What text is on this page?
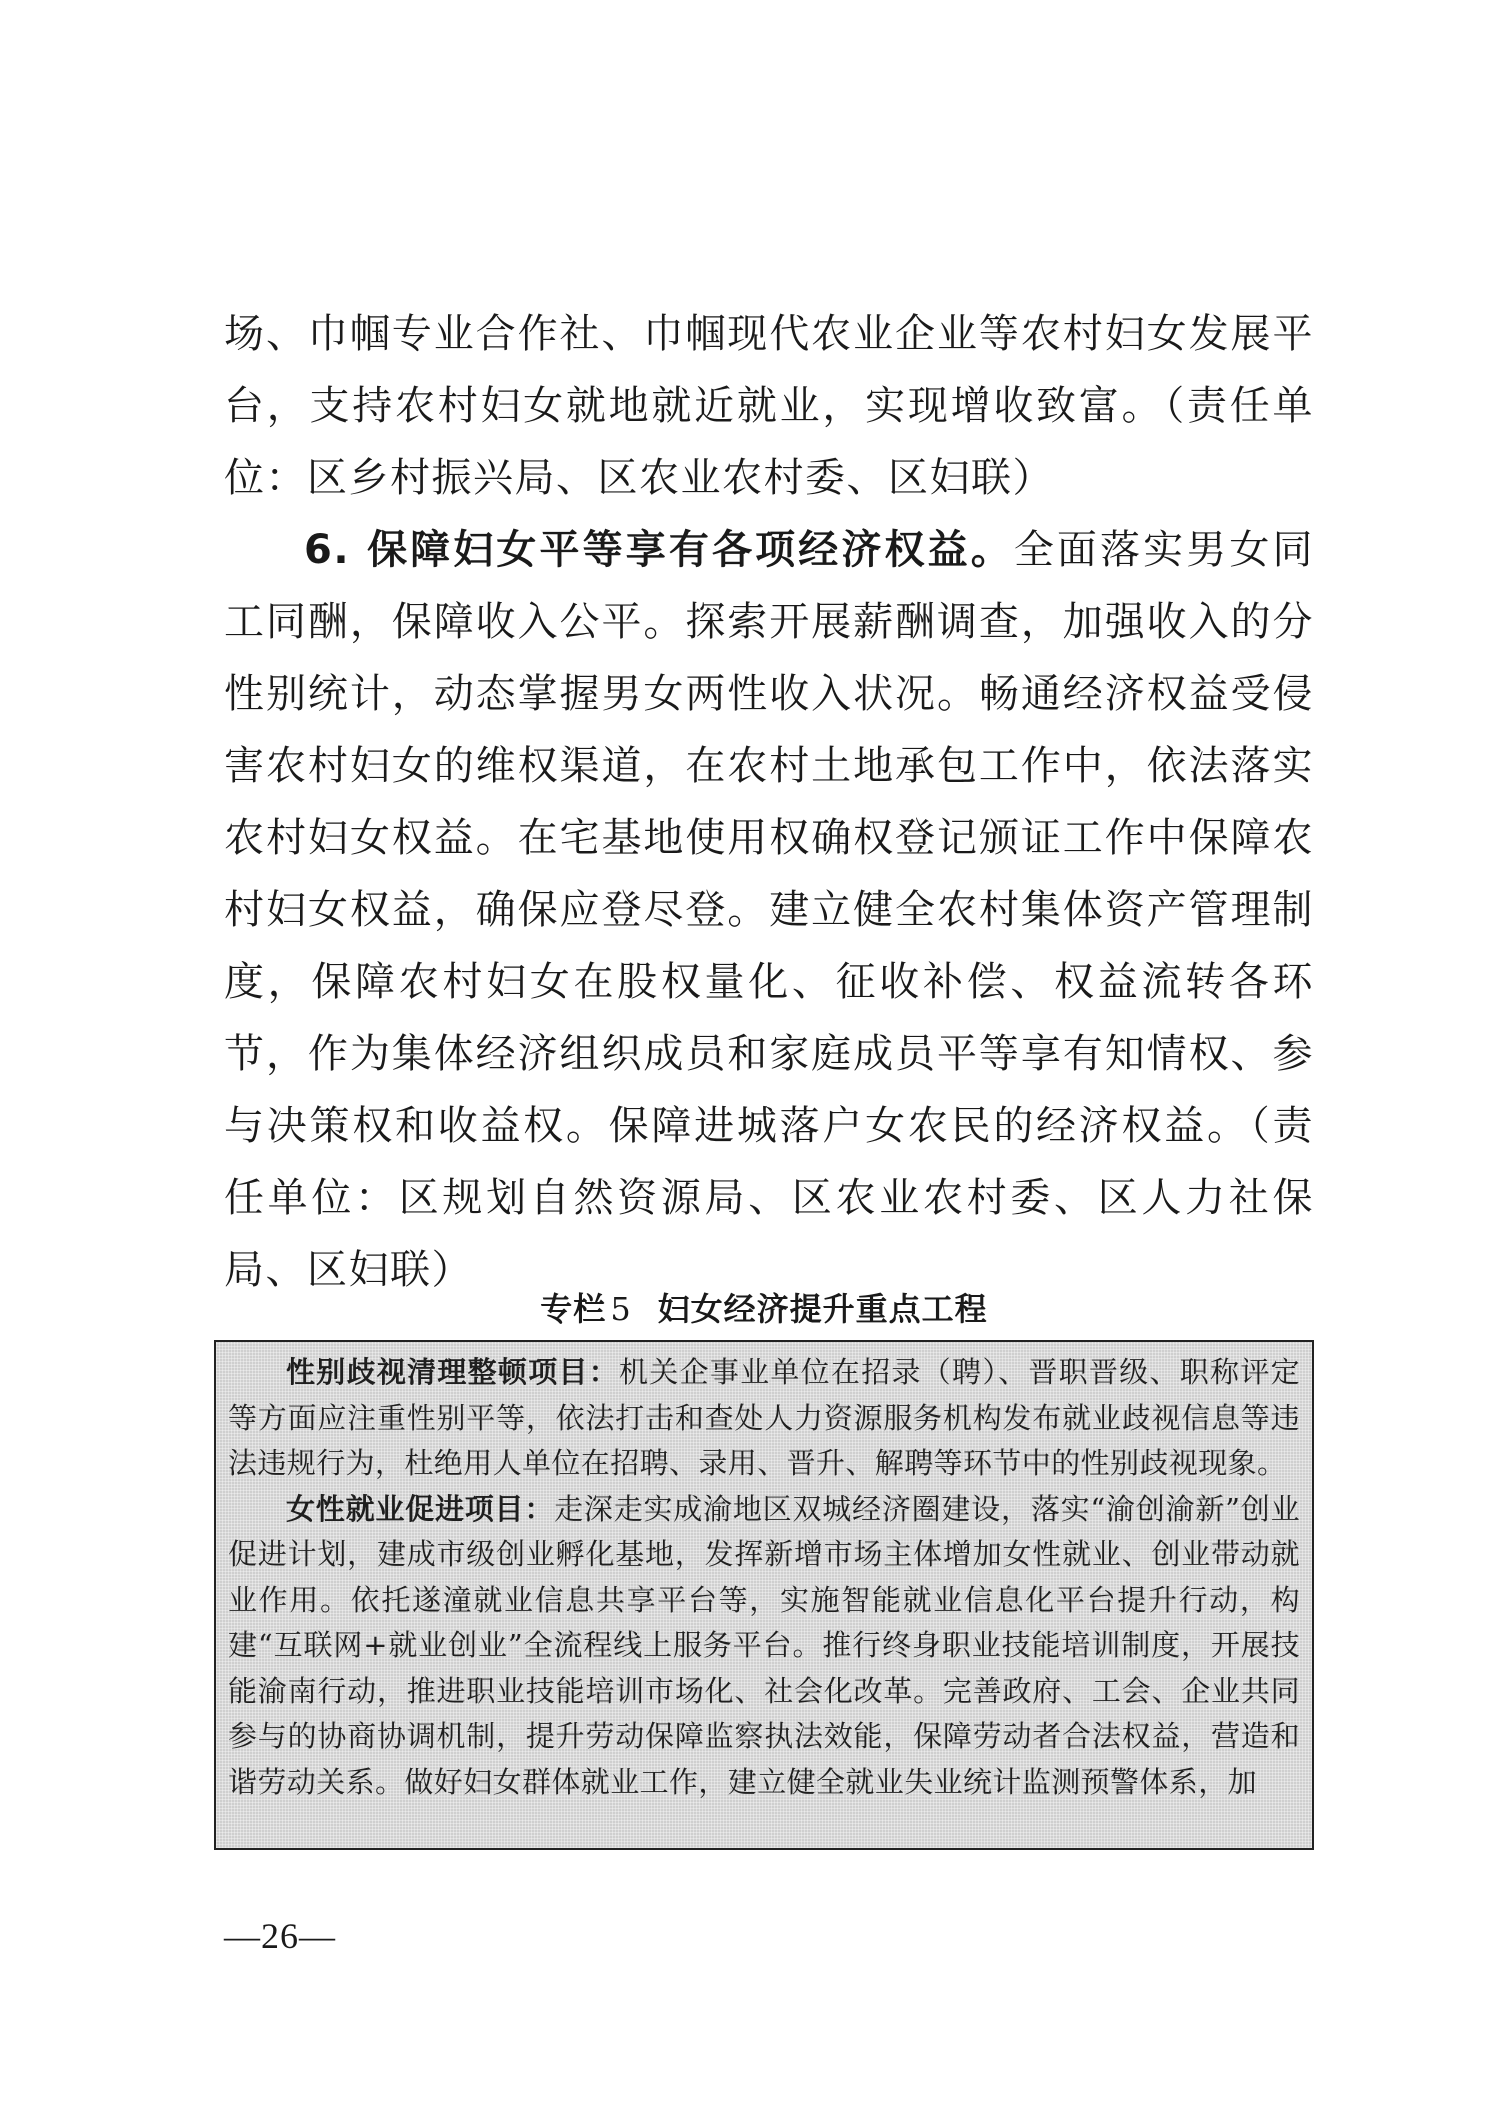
场、巾帼专业合作社、巾帼现代农业企业等农村妇女发展平台，支持农村妇女就地就近就业，实现增收致富。（责任单位：区乡村振兴局、区农业农村委、区妇联）

6. 保障妇女平等享有各项经济权益。全面落实男女同工同酬，保障收入公平。探索开展薪酬调查，加强收入的分性别统计，动态掌握男女两性收入状况。畅通经济权益受侵害农村妇女的维权渠道，在农村土地承包工作中，依法落实农村妇女权益。在宅基地使用权确权登记颁证工作中保障农村妇女权益，确保应登尽登。建立健全农村集体资产管理制度，保障农村妇女在股权量化、征收补偿、权益流转各环节，作为集体经济组织成员和家庭成员平等享有知情权、参与决策权和收益权。保障进城落户女农民的经济权益。（责任单位：区规划自然资源局、区农业农村委、区人力社保局、区妇联）

专栏 5 妇女经济提升重点工程

性别歧视清理整顿项目：机关企事业单位在招录（聘）、晋职晋级、职称评定等方面应注重性别平等，依法打击和查处人力资源服务机构发布就业歧视信息等违法违规行为，杜绝用人单位在招聘、录用、晋升、解聘等环节中的性别歧视现象。

女性就业促进项目：走深走实成渝地区双城经济圈建设，落实“渝创渝新”创业促进计划，建成市级创业孵化基地，发挥新增市场主体增加女性就业、创业带动就业作用。依托遂潼就业信息共享平台等，实施智能就业信息化平台提升行动，构建“互联网+就业创业”全流程线上服务平台。推行终身职业技能培训制度，开展技能渝南行动，推进职业技能培训市场化、社会化改革。完善政府、工会、企业共同参与的协商协调机制，提升劳动保障监察执法效能，保障劳动者合法权益，营造和谐劳动关系。做好妇女群体就业工作，建立健全就业失业统计监测预警体系，加

—26—
